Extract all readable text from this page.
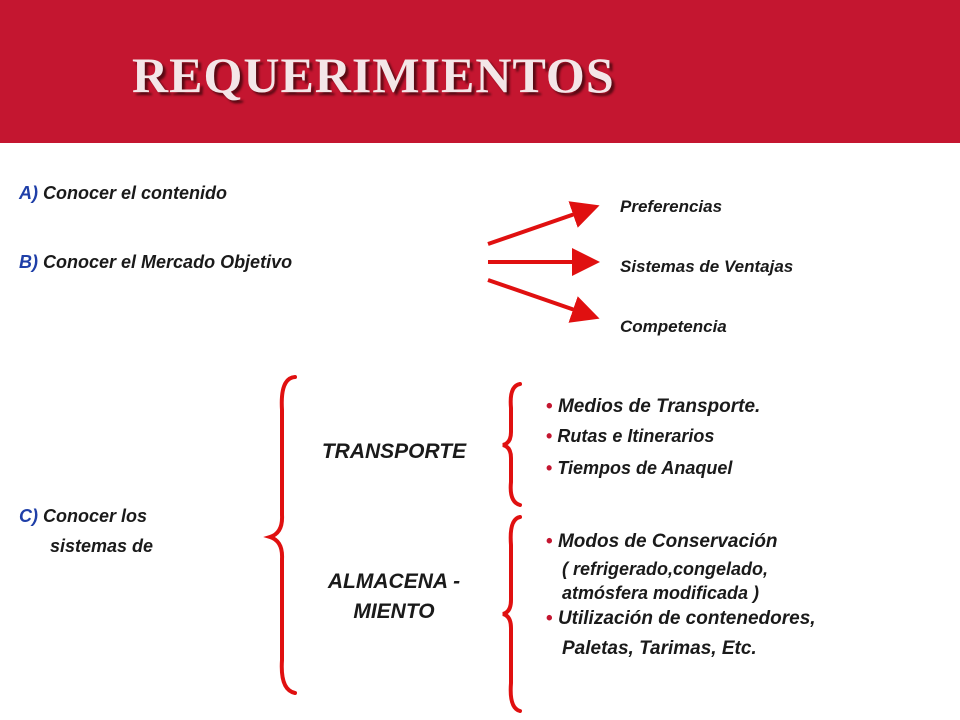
REQUERIMIENTOS
A) Conocer el contenido
B) Conocer el Mercado Objetivo
Preferencias
Sistemas de Ventajas
Competencia
C) Conocer los
sistemas de
TRANSPORTE
ALMACENA -
MIENTO
• Medios de Transporte.
• Rutas e Itinerarios
• Tiempos de Anaquel
• Modos de Conservación
( refrigerado,congelado,
atmósfera modificada )
• Utilización de contenedores,
Paletas, Tarimas, Etc.
